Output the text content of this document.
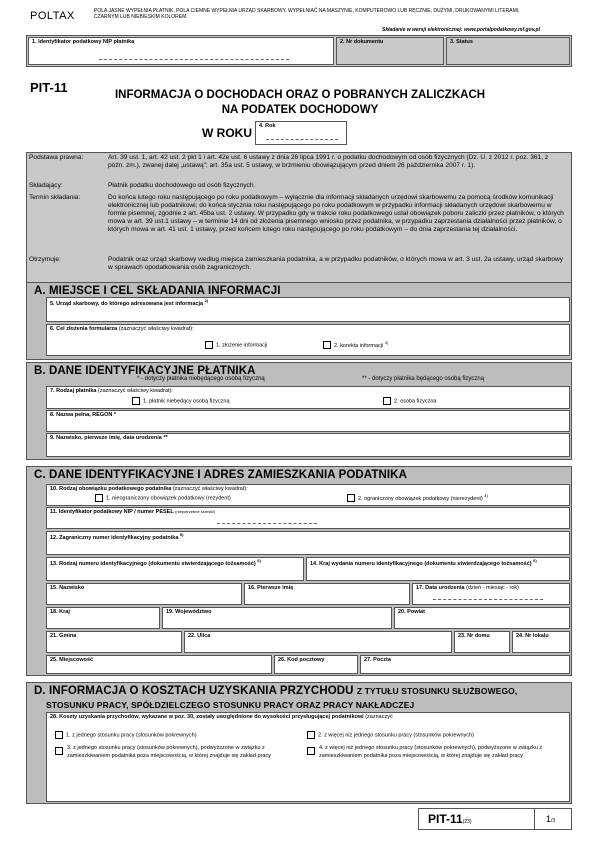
POLTAX	POLA JASNE WYPEŁNIA PŁATNIK, POLA CIEMNE WYPEŁNIA URZĄD SKARBOWY. WYPEŁNIAĆ NA MASZYNIE, KOMPUTEROWO LUB RĘCZNIE, DUŻYMI, DRUKOWANYMI LITERAMI, CZARNYM LUB NIEBIESKIM KOLOREM.
Składanie w wersji elektronicznej: www.portalpodatkowy.mf.gov.pl
1. Identyfikator podatkowy NIP płatnika	2. Nr dokumentu	3. Status
PIT-11	INFORMACJA O DOCHODACH ORAZ O POBRANYCH ZALICZKACH
NA PODATEK DOCHODOWY
W ROKU	4. Rok
Podstawa prawna:	Art. 39 ust. 1, art. 42 ust. 2 pkt 1 i art. 42e ust. 6 ustawy z dnia 26 lipca 1991 r. o podatku dochodowym od osób fizycznych (Dz. U. z 2012 r. poz. 361, z późn. zm.), zwanej dalej „ustawą”; art. 35a ust. 5 ustawy, w brzmieniu obowiązującym przed dniem 26 października 2007 r. 1).
Składający:	Płatnik podatku dochodowego od osób fizycznych.
Termin składania:	Do końca lutego roku następującego po roku podatkowym – wyłącznie dla informacji składanych urzędowi skarbowemu za pomocą środków komunikacji elektronicznej lub podatnikowi; do końca stycznia roku następującego po roku podatkowym w przypadku informacji składanych urzędowi skarbowemu w formie pisemnej, zgodnie z art. 45ba ust. 2 ustawy. W przypadku gdy w trakcie roku podatkowego ustał obowiązek poboru zaliczki przez płatników, o których mowa w art. 39 ust.1 ustawy – w terminie 14 dni od złożenia pisemnego wniosku przez podatnika, w przypadku zaprzestania działalności przez płatników, o których mowa w art. 41 ust. 1 ustawy, przed końcem lutego roku następującego po roku podatkowym – do dnia zaprzestania tej działalności.
Otrzymuje:	Podatnik oraz urząd skarbowy według miejsca zamieszkania podatnika, a w przypadku podatników, o których mowa w art. 3 ust. 2a ustawy, urząd skarbowy w sprawach opodatkowania osób zagranicznych.
A. MIEJSCE I CEL SKŁADANIA INFORMACJI
5. Urząd skarbowy, do którego adresowana jest informacja $^{2)}$
6. Cel złożenia formularza (zaznaczyć właściwy kwadrat):
1. złożenie informacji	2. korekta informacji $^{3)}$
B. DANE IDENTYFIKACYJNE PŁATNIKA
* - dotyczy płatnika niebędącego osobą fizyczną	** - dotyczy płatnika będącego osobą fizyczną
7. Rodzaj płatnika (zaznaczyć właściwy kwadrat):
1. płatnik niebędący osobą fizyczną	2. osoba fizyczna
8. Nazwa pełna, REGON *
9. Nazwisko, pierwsze imię, data urodzenia **
C. DANE IDENTYFIKACYJNE I ADRES ZAMIESZKANIA PODATNIKA
10. Rodzaj obowiązku podatkowego podatnika (zaznaczyć właściwy kwadrat):
1. nieograniczony obowiązek podatkowy (rezydent)	2. ograniczony obowiązek podatkowy (nierezydent) $^{4)}$
11. Identyfikator podatkowy NIP / numer PESEL (niepotrzebne skreślić)
12. Zagraniczny numer identyfikacyjny podatnika $^{5)}$
13. Rodzaj numeru identyfikacyjnego (dokumentu stwierdzającego tożsamość) $^{6)}$
14. Kraj wydania numeru identyfikacyjnego (dokumentu stwierdzającego tożsamość) $^{6)}$
15. Nazwisko	16. Pierwsze imię	17. Data urodzenia (dzień - miesiąc - rok)
18. Kraj	19. Województwo	20. Powiat
21. Gmina	22. Ulica	23. Nr domu	24. Nr lokalu
25. Miejscowość	26. Kod pocztowy	27. Poczta
D. INFORMACJA O KOSZTACH UZYSKANIA PRZYCHODU Z TYTUŁU STOSUNKU SŁUŻBOWEGO,
STOSUNKU PRACY, SPÓŁDZIELCZEGO STOSUNKU PRACY ORAZ PRACY NAKŁADCZEJ
28. Koszty uzyskania przychodów, wykazane w poz. 30, zostały uwzględnione do wysokości przysługującej podatnikowi (zaznaczyć
1. z jednego stosunku pracy (stosunków pokrewnych)	2. z więcej niż jednego stosunku pracy (stosunków pokrewnych)
3. z jednego stosunku pracy (stosunków pokrewnych), podwyższone w związku z zamieszkiwaniem podatnika poza miejscowością, w której znajduje się zakład pracy
4. z więcej niż jednego stosunku pracy (stosunków pokrewnych), podwyższone w związku z zamieszkiwaniem podatnika poza miejscowością, w której znajduje się zakład pracy
PIT-11(23)	1/3
